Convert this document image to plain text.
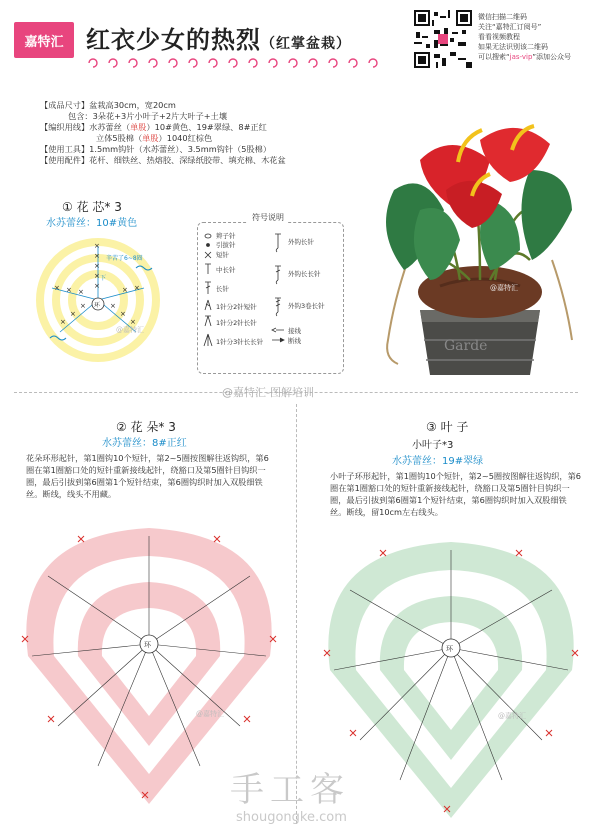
嘉特汇 红衣少女的热烈（红掌盆栽）
微信扫描二维码
关注“嘉特汇订阅号”
看看视频教程
如果无法识别该二维码
可以搜索“jas-vip”添加公众号
【成品尺寸】盆栽高30cm，宽20cm
包含：3朵花+3片小叶子+2片大叶子+土壤
【编织用线】水苏蕾丝（单股）10#黄色、19#翠绿、8#正红
立体5股棉（单股）1040红棕色
【使用工具】1.5mm钩针（水苏蕾丝）、3.5mm钩针（5股棉）
【使用配件】花杆、细铁丝、热熔胶、深绿纸胶带、填充棉、木花盆
① 花 芯* 3
水苏蕾丝：10#黄色
×
×
×
×
×
×
×
×
×
×
×
× × ×	×
×
辛苦了6~8圈
下
环
@嘉特汇
符号说明
辫子针
引拔针
短针
中长针
长针
1针分2针短针
1针分2针长针
1针分3针长长针
外钩长针
外钩长长针
外钩3卷长针
接线
断线	Garde
@嘉特汇
@嘉特汇-图解培训
② 花 朵* 3
水苏蕾丝：8#正红
花朵环形起针，第1圈钩10个短针，第2~5圈按图解往返钩织，第6圈在第1圈豁口处的短针重新接线起针，绕豁口及第5圈针目钩织一圈，最后引拔到第6圈第1个短针结束，第6圈钩织时加入双股细铁丝。断线，线头不用藏。
环
@嘉特汇
③ 叶 子
小叶子*3
水苏蕾丝：19#翠绿
小叶子环形起针，第1圈钩10个短针，第2~5圈按图解往返钩织，第6圈在第1圈豁口处的短针重新接线起针，绕豁口及第5圈针目钩织一圈，最后引拔到第6圈第1个短针结束，第6圈钩织时加入双股细铁丝。断线，留10cm左右线头。
环
@嘉特汇
手工客
shougongke.com
